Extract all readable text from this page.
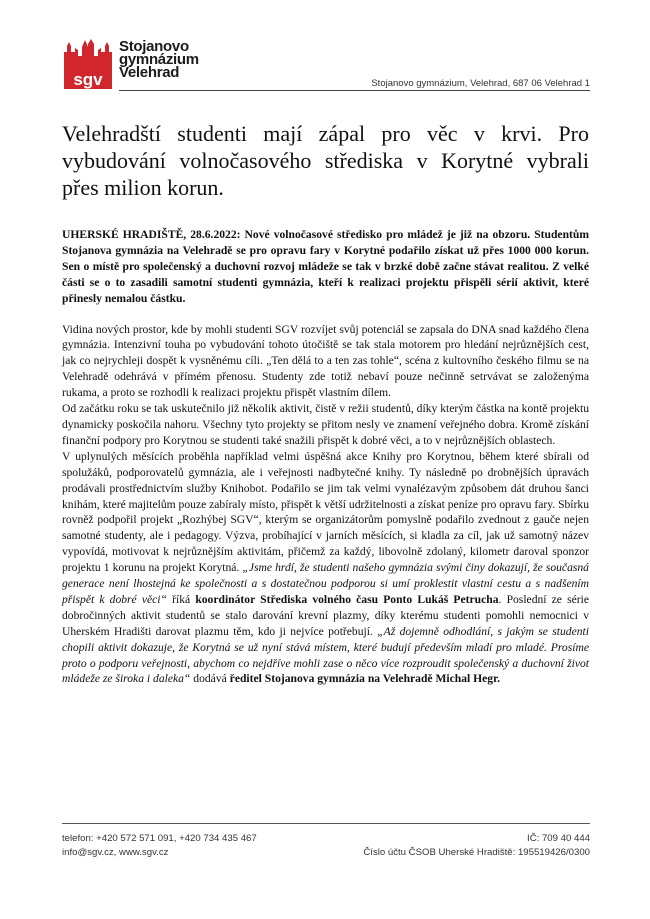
sgv
Stojanovo
gymnázium
Velehrad
Stojanovo gymnázium, Velehrad, 687 06 Velehrad 1
Velehradští studenti mají zápal pro věc v krvi. Pro vybudování volnočasového střediska v Korytné vybrali přes milion korun.

UHERSKÉ HRADIŠTĚ, 28.6.2022: Nové volnočasové středisko pro mládež je již na obzoru. Studentům Stojanova gymnázia na Velehradě se pro opravu fary v Korytné podařilo získat už přes 1000 000 korun. Sen o místě pro společenský a duchovní rozvoj mládeže se tak v brzké době začne stávat realitou. Z velké části se o to zasadili samotní studenti gymnázia, kteří k realizaci projektu přispěli sérií aktivit, které přinesly nemalou částku.

Vidina nových prostor, kde by mohli studenti SGV rozvíjet svůj potenciál se zapsala do DNA snad každého člena gymnázia. Intenzivní touha po vybudování tohoto útočiště se tak stala motorem pro hledání nejrůznějších cest, jak co nejrychleji dospět k vysněnému cíli. „Ten dělá to a ten zas tohle“, scéna z kultovního českého filmu se na Velehradě odehrává v přímém přenosu. Studenty zde totiž nebaví pouze nečinně setrvávat se založenýma rukama, a proto se rozhodli k realizaci projektu přispět vlastním dílem.

Od začátku roku se tak uskutečnilo již několik aktivit, čistě v režii studentů, díky kterým částka na kontě projektu dynamicky poskočila nahoru. Všechny tyto projekty se přitom nesly ve znamení veřejného dobra. Kromě získání finanční podpory pro Korytnou se studenti také snažili přispět k dobré věci, a to v nejrůznějších oblastech.

V uplynulých měsících proběhla například velmi úspěšná akce Knihy pro Korytnou, během které sbírali od spolužáků, podporovatelů gymnázia, ale i veřejnosti nadbytečné knihy. Ty následně po drobnějších úpravách prodávali prostřednictvím služby Knihobot. Podařilo se jim tak velmi vynalézavým způsobem dát druhou šanci knihám, které majitelům pouze zabíraly místo, přispět k větší udržitelnosti a získat peníze pro opravu fary. Sbírku rovněž podpořil projekt „Rozhýbej SGV“, kterým se organizátorům pomyslně podařilo zvednout z gauče nejen samotné studenty, ale i pedagogy. Výzva, probíhající v jarních měsících, si kladla za cíl, jak už samotný název vypovídá, motivovat k nejrůznějším aktivitám, přičemž za každý, libovolně zdolaný, kilometr daroval sponzor projektu 1 korunu na projekt Korytná. „Jsme hrdí, že studenti našeho gymnázia svými činy dokazují, že současná generace není lhostejná ke společnosti a s dostatečnou podporou si umí proklestit vlastní cestu a s nadšením přispět k dobré věci“ říká koordinátor Střediska volného času Ponto Lukáš Petrucha. Poslední ze série dobročinných aktivit studentů se stalo darování krevní plazmy, díky kterému studenti pomohli nemocnici v Uherském Hradišti darovat plazmu těm, kdo ji nejvíce potřebují. „Až dojemně odhodlání, s jakým se studenti chopili aktivit dokazuje, že Korytná se už nyní stává místem, které budují především mladí pro mladé. Prosíme proto o podporu veřejnosti, abychom co nejdříve mohli zase o něco více rozproudit společenský a duchovní život mládeže ze široka i daleka“ dodává ředitel Stojanova gymnázia na Velehradě Michal Hegr.

telefon: +420 572 571 091, +420 734 435 467
info@sgv.cz, www.sgv.cz
IČ: 709 40 444
Číslo účtu ČSOB Uherské Hradiště: 195519426/0300
